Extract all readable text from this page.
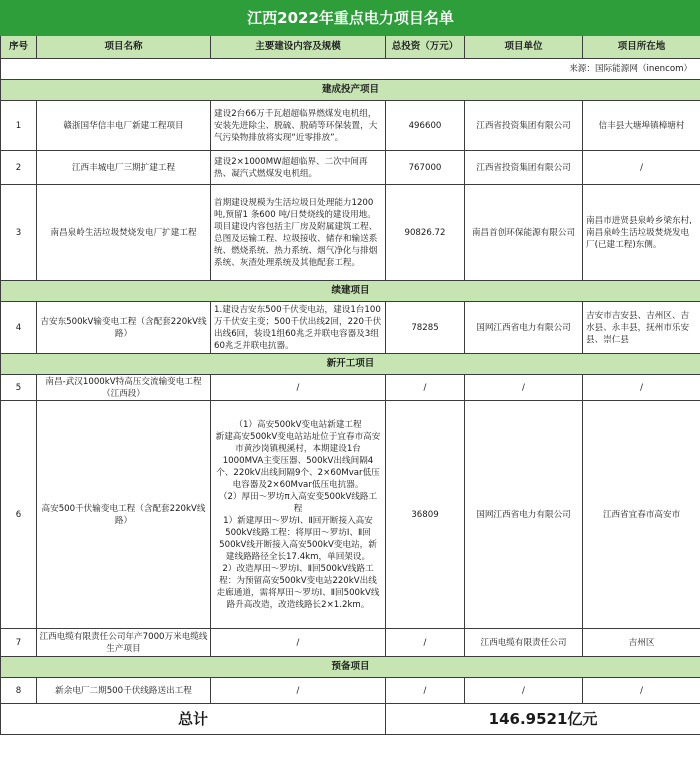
江西2022年重点电力项目名单					
序号	项目名称	主要建设内容及规模	总投资（万元）	项目单位	项目所在地
来源：国际能源网（inencom）					
建成投产项目					
1	赣浙国华信丰电厂新建工程项目	建设2台66万千瓦超超临界燃煤发电机组，安装先进除尘、脱硫、脱硝等环保装置，大气污染物排放将实现“近零排放”。	496600	江西省投资集团有限公司	信丰县大塘埠镇樟塘村
2	江西丰城电厂三期扩建工程	建设2×1000MW超超临界、二次中间再热、凝汽式燃煤发电机组。	767000	江西省投资集团有限公司	/
3	南昌泉岭生活垃圾焚烧发电厂扩建工程	首期建设规模为生活垃圾日处理能力1200吨,预留1 条600 吨/日焚烧线的建设用地。项目建设内容包括主厂房及附属建筑工程、总图及运输工程、垃圾接收、储存和输送系统、燃烧系统、热力系统、烟气净化与排烟系统、灰渣处理系统及其他配套工程。	90826.72	南昌首创环保能源有限公司	南昌市进贤县泉岭乡梁东村,南昌泉岭生活垃圾焚烧发电厂(已建工程)东侧。
续建项目					
4	吉安东500kV输变电工程（含配套220kV线路）	1.建设吉安东500千伏变电站，建设1台100万千伏安主变；500千伏出线2回，220千伏出线6回，装设1组60兆乏并联电容器及3组60兆乏并联电抗器。	78285	国网江西省电力有限公司	吉安市吉安县、吉州区、吉水县、永丰县，抚州市乐安县、崇仁县
新开工项目					
5	南昌-武汉1000kV特高压交流输变电工程（江西段）	/	/	/	/
6	高安500千伏输变电工程（含配套220kV线路）	（1）高安500kV变电站新建工程
新建高安500kV变电站站址位于宜春市高安市黄沙岗镇枧溪村，本期建设1台1000MVA主变压器、500kV出线间隔4个、220kV出线间隔9个、2×60Mvar低压电容器及2×60Mvar低压电抗器。
（2）厚田～罗坊π入高安变500kV线路工程
1）新建厚田～罗坊Ⅰ、Ⅱ回开断接入高安500kV线路工程：将厚田～罗坊Ⅰ、Ⅱ回500kV线开断接入高安500kV变电站，新建线路路径全长17.4km，单回架设。
2）改造厚田～罗坊Ⅰ、Ⅱ回500kV线路工程：为预留高安500kV变电站220kV出线走廊通道，需将厚田～罗坊Ⅰ、Ⅱ回500kV线路升高改造，改造线路长2×1.2km。	36809	国网江西省电力有限公司	江西省宜春市高安市
7	江西电缆有限责任公司年产7000万米电缆线生产项目	/	/	江西电缆有限责任公司	吉州区
预备项目					
8	新余电厂二期500千伏线路送出工程	/	/	/	/
总计			146.9521亿元		
